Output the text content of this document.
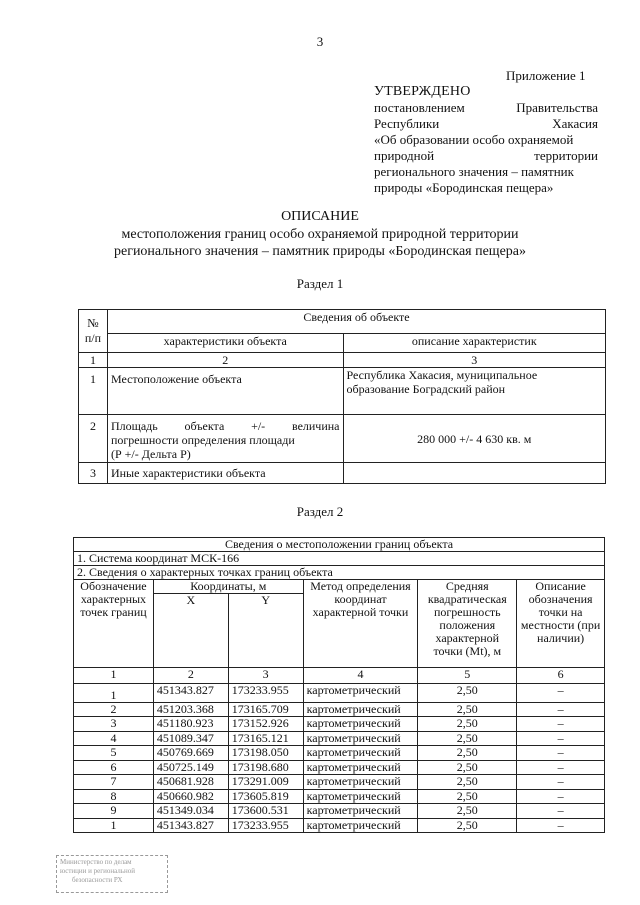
3
Приложение 1
УТВЕРЖДЕНО
постановлением Правительства
Республики Хакасия
«Об образовании особо охраняемой
природной территории
регионального значения – памятник
природы «Бородинская пещера»
ОПИСАНИЕ
местоположения границ особо охраняемой природной территории
регионального значения – памятник природы «Бородинская пещера»
Раздел 1
№ п/п	Сведения об объекте	
	характеристики объекта	описание характеристик
1	2	3
1	Местоположение объекта	Республика Хакасия, муниципальное образование Боградский район
2	Площадь объекта +/- величина
погрешности определения площади
(Р +/- Дельта Р)	280 000 +/- 4 630 кв. м
3	Иные характеристики объекта	
Раздел 2
Сведения о местоположении границ объекта					
1. Система координат МСК-166					
2. Сведения о характерных точках границ объекта					
Обозначение характерных точек границ	Координаты, м		Метод определения координат характерной точки	Средняя квадратическая погрешность положения характерной точки (Mt), м	Описание обозначения точки на местности (при наличии)
	X	Y			
1	2	3	4	5	6
1	451343.827	173233.955	картометрический	2,50	–
2	451203.368	173165.709	картометрический	2,50	–
3	451180.923	173152.926	картометрический	2,50	–
4	451089.347	173165.121	картометрический	2,50	–
5	450769.669	173198.050	картометрический	2,50	–
6	450725.149	173198.680	картометрический	2,50	–
7	450681.928	173291.009	картометрический	2,50	–
8	450660.982	173605.819	картометрический	2,50	–
9	451349.034	173600.531	картометрический	2,50	–
1	451343.827	173233.955	картометрический	2,50	–
Министерство по делам
юстиции и региональной
безопасности РХ
